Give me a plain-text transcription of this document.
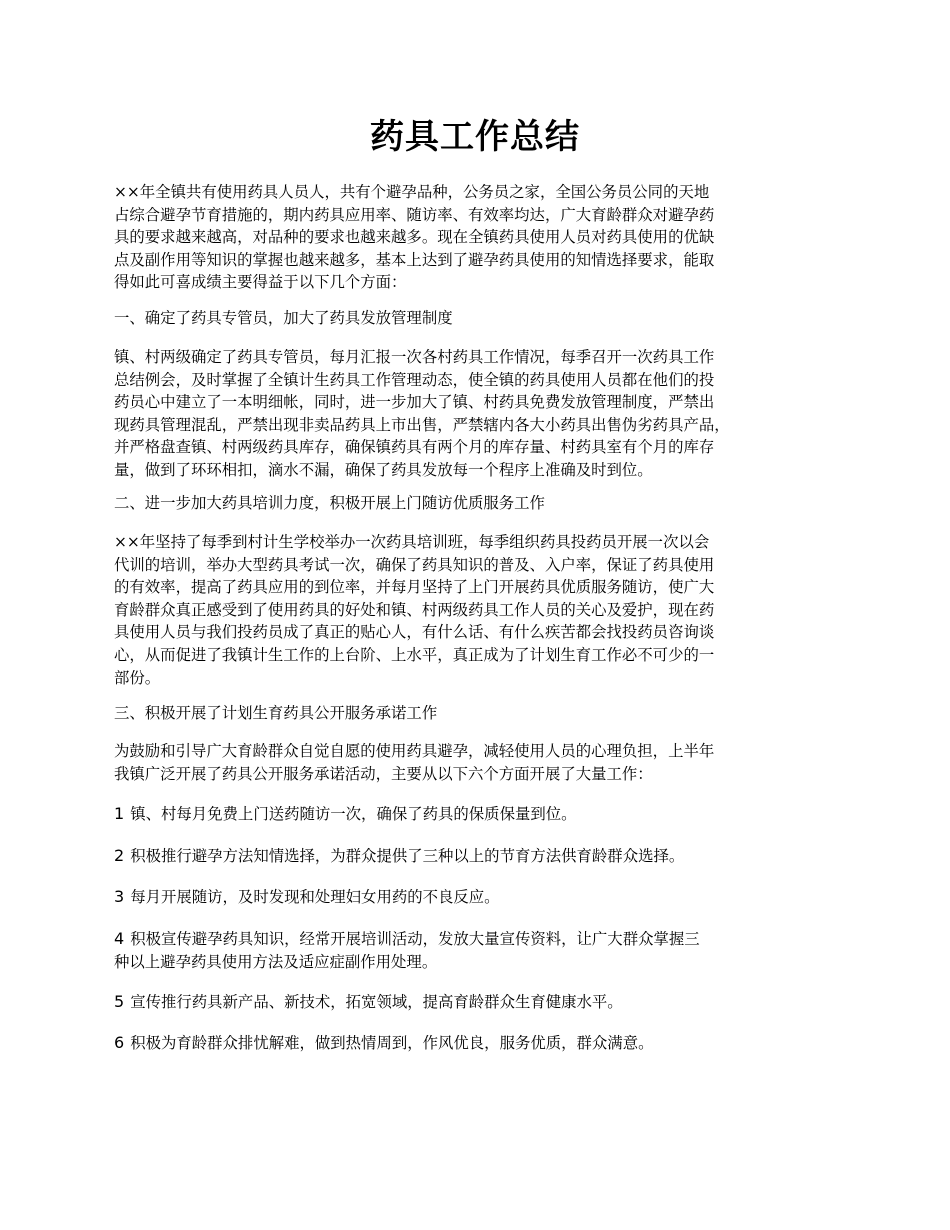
药具工作总结

××年全镇共有使用药具人员人，共有个避孕品种，公务员之家，全国公务员公同的天地
占综合避孕节育措施的，期内药具应用率、随访率、有效率均达，广大育龄群众对避孕药
具的要求越来越高，对品种的要求也越来越多。现在全镇药具使用人员对药具使用的优缺
点及副作用等知识的掌握也越来越多，基本上达到了避孕药具使用的知情选择要求，能取
得如此可喜成绩主要得益于以下几个方面：

一、确定了药具专管员，加大了药具发放管理制度

镇、村两级确定了药具专管员，每月汇报一次各村药具工作情况，每季召开一次药具工作
总结例会，及时掌握了全镇计生药具工作管理动态，使全镇的药具使用人员都在他们的投
药员心中建立了一本明细帐，同时，进一步加大了镇、村药具免费发放管理制度，严禁出
现药具管理混乱，严禁出现非卖品药具上市出售，严禁辖内各大小药具出售伪劣药具产品，
并严格盘查镇、村两级药具库存，确保镇药具有两个月的库存量、村药具室有个月的库存
量，做到了环环相扣，滴水不漏，确保了药具发放每一个程序上准确及时到位。

二、进一步加大药具培训力度，积极开展上门随访优质服务工作

××年坚持了每季到村计生学校举办一次药具培训班，每季组织药具投药员开展一次以会
代训的培训，举办大型药具考试一次，确保了药具知识的普及、入户率，保证了药具使用
的有效率，提高了药具应用的到位率，并每月坚持了上门开展药具优质服务随访，使广大
育龄群众真正感受到了使用药具的好处和镇、村两级药具工作人员的关心及爱护，现在药
具使用人员与我们投药员成了真正的贴心人，有什么话、有什么疾苦都会找投药员咨询谈
心，从而促进了我镇计生工作的上台阶、上水平，真正成为了计划生育工作必不可少的一
部份。

三、积极开展了计划生育药具公开服务承诺工作

为鼓励和引导广大育龄群众自觉自愿的使用药具避孕，减轻使用人员的心理负担，上半年
我镇广泛开展了药具公开服务承诺活动，主要从以下六个方面开展了大量工作：

1 镇、村每月免费上门送药随访一次，确保了药具的保质保量到位。

2 积极推行避孕方法知情选择，为群众提供了三种以上的节育方法供育龄群众选择。

3 每月开展随访，及时发现和处理妇女用药的不良反应。

4 积极宣传避孕药具知识，经常开展培训活动，发放大量宣传资料，让广大群众掌握三
种以上避孕药具使用方法及适应症副作用处理。

5 宣传推行药具新产品、新技术，拓宽领域，提高育龄群众生育健康水平。

6 积极为育龄群众排忧解难，做到热情周到，作风优良，服务优质，群众满意。
